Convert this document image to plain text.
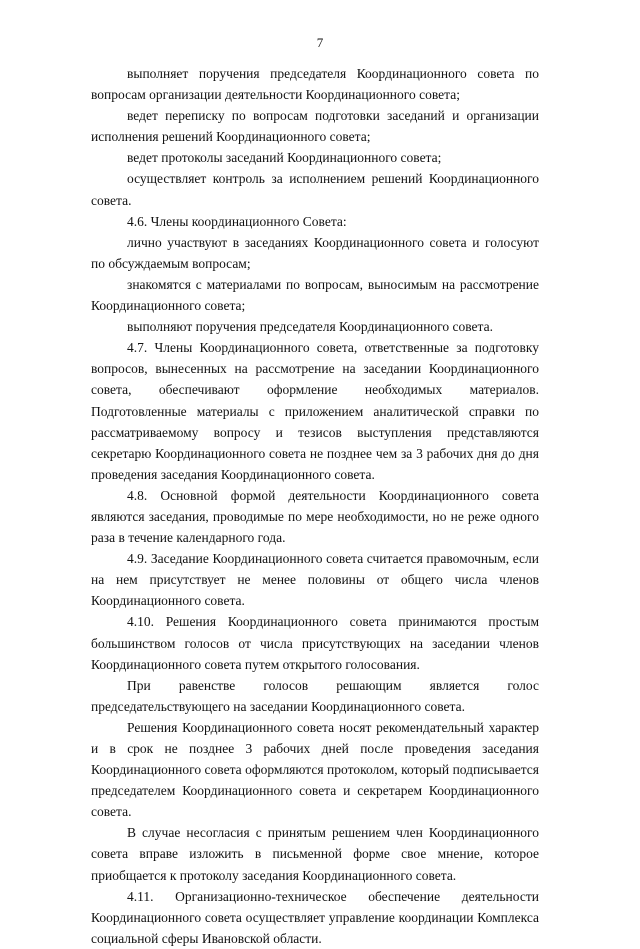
7

выполняет поручения председателя Координационного совета по вопросам организации деятельности Координационного совета;

ведет переписку по вопросам подготовки заседаний и организации исполнения решений Координационного совета;

ведет протоколы заседаний Координационного совета;

осуществляет контроль за исполнением решений Координационного совета.

4.6. Члены координационного Совета:

лично участвуют в заседаниях Координационного совета и голосуют по обсуждаемым вопросам;

знакомятся с материалами по вопросам, выносимым на рассмотрение Координационного совета;

выполняют поручения председателя Координационного совета.

4.7. Члены Координационного совета, ответственные за подготовку вопросов, вынесенных на рассмотрение на заседании Координационного совета, обеспечивают оформление необходимых материалов. Подготовленные материалы с приложением аналитической справки по рассматриваемому вопросу и тезисов выступления представляются секретарю Координационного совета не позднее чем за 3 рабочих дня до дня проведения заседания Координационного совета.

4.8. Основной формой деятельности Координационного совета являются заседания, проводимые по мере необходимости, но не реже одного раза в течение календарного года.

4.9. Заседание Координационного совета считается правомочным, если на нем присутствует не менее половины от общего числа членов Координационного совета.

4.10. Решения Координационного совета принимаются простым большинством голосов от числа присутствующих на заседании членов Координационного совета путем открытого голосования.

При равенстве голосов решающим является голос председательствующего на заседании Координационного совета.

Решения Координационного совета носят рекомендательный характер и в срок не позднее 3 рабочих дней после проведения заседания Координационного совета оформляются протоколом, который подписывается председателем Координационного совета и секретарем Координационного совета.

В случае несогласия с принятым решением член Координационного совета вправе изложить в письменной форме свое мнение, которое приобщается к протоколу заседания Координационного совета.

4.11. Организационно-техническое обеспечение деятельности Координационного совета осуществляет управление координации Комплекса социальной сферы Ивановской области.
